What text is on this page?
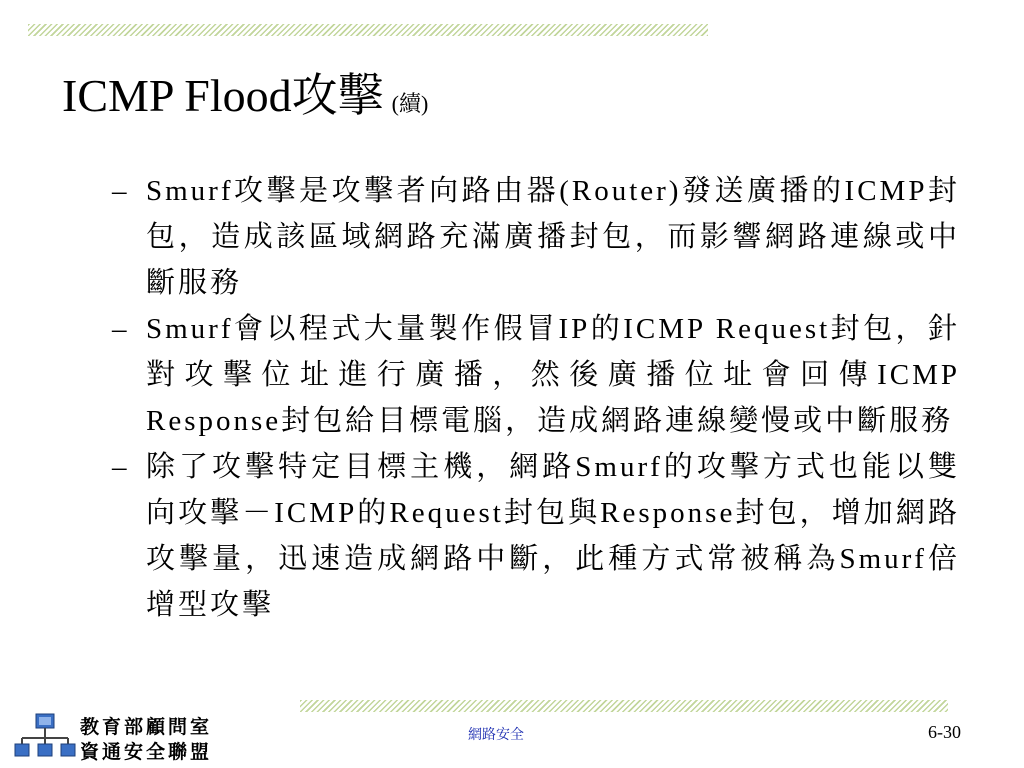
ICMP Flood攻擊 (續)
– Smurf攻擊是攻擊者向路由器(Router)發送廣播的ICMP封包，造成該區域網路充滿廣播封包，而影響網路連線或中斷服務
– Smurf會以程式大量製作假冒IP的ICMP Request封包，針對攻擊位址進行廣播，然後廣播位址會回傳ICMP Response封包給目標電腦，造成網路連線變慢或中斷服務
– 除了攻擊特定目標主機，網路Smurf的攻擊方式也能以雙向攻擊－ICMP的Request封包與Response封包，增加網路攻擊量，迅速造成網路中斷，此種方式常被稱為Smurf倍增型攻擊
教育部顧問室
資通安全聯盟
網路安全	6-30
